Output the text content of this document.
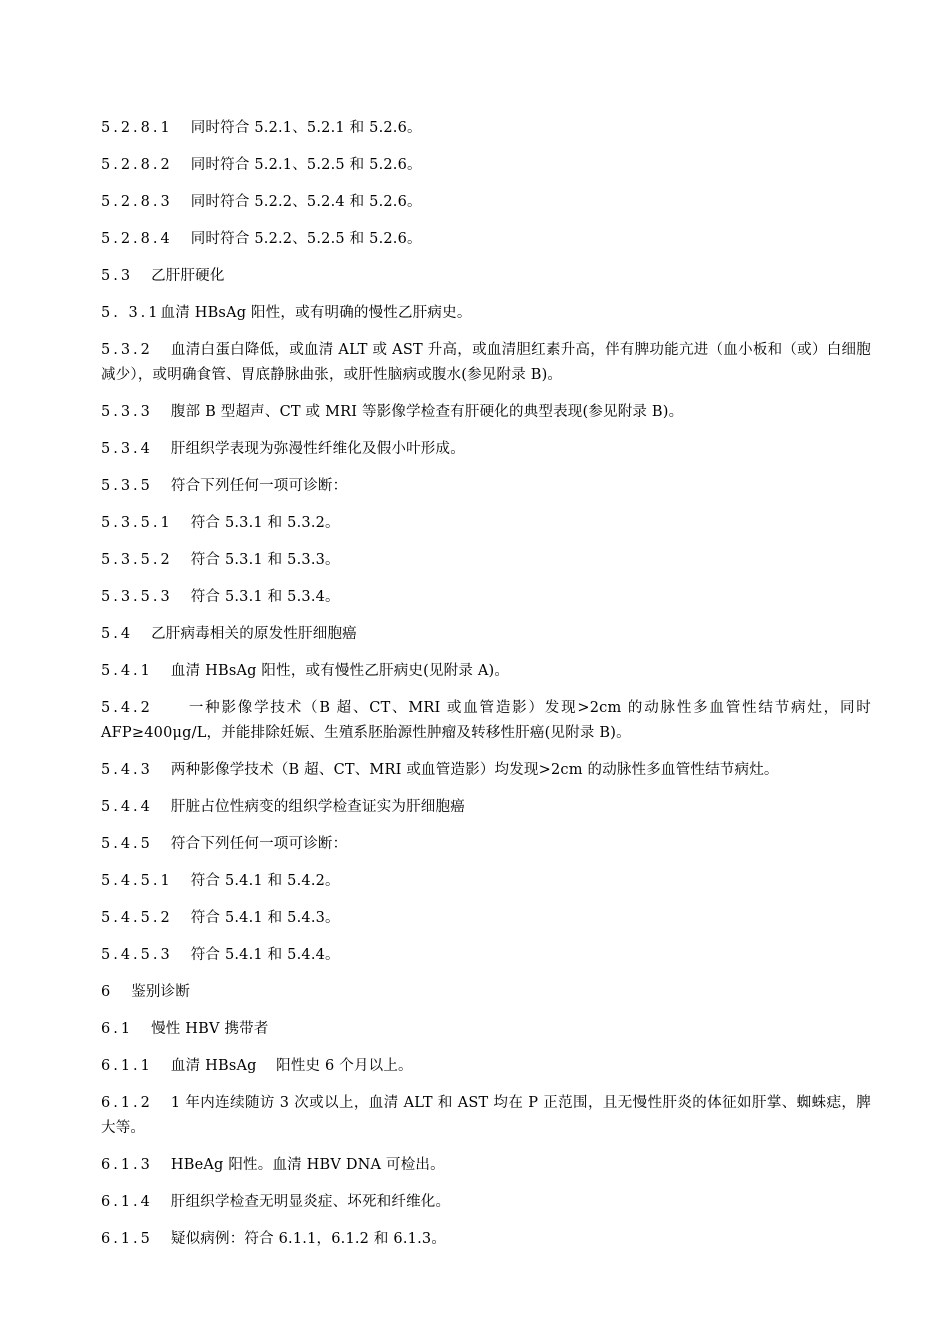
5.2.8.1 同时符合 5.2.1、5.2.1 和 5.2.6。
5.2.8.2 同时符合 5.2.1、5.2.5 和 5.2.6。
5.2.8.3 同时符合 5.2.2、5.2.4 和 5.2.6。
5.2.8.4 同时符合 5.2.2、5.2.5 和 5.2.6。
5.3 乙肝肝硬化
5. 3.1血清 HBsAg 阳性，或有明确的慢性乙肝病史。
5.3.2 血清白蛋白降低，或血清 ALT 或 AST 升高，或血清胆红素升高，伴有脾功能亢进（血小板和（或）白细胞减少），或明确食管、胃底静脉曲张，或肝性脑病或腹水(参见附录 B)。
5.3.3 腹部 B 型超声、CT 或 MRI 等影像学检查有肝硬化的典型表现(参见附录 B)。
5.3.4 肝组织学表现为弥漫性纤维化及假小叶形成。
5.3.5 符合下列任何一项可诊断：
5.3.5.1 符合 5.3.1 和 5.3.2。
5.3.5.2 符合 5.3.1 和 5.3.3。
5.3.5.3 符合 5.3.1 和 5.3.4。
5.4 乙肝病毒相关的原发性肝细胞癌
5.4.1 血清 HBsAg 阳性，或有慢性乙肝病史(见附录 A)。
5.4.2　一种影像学技术（B 超、CT、MRI 或血管造影）发现>2cm 的动脉性多血管性结节病灶，同时 AFP≥400μg/L，并能排除妊娠、生殖系胚胎源性肿瘤及转移性肝癌(见附录 B)。
5.4.3 两种影像学技术（B 超、CT、MRI 或血管造影）均发现>2cm 的动脉性多血管性结节病灶。
5.4.4 肝脏占位性病变的组织学检查证实为肝细胞癌
5.4.5 符合下列任何一项可诊断：
5.4.5.1 符合 5.4.1 和 5.4.2。
5.4.5.2 符合 5.4.1 和 5.4.3。
5.4.5.3 符合 5.4.1 和 5.4.4。
6 鉴别诊断
6.1 慢性 HBV 携带者
6.1.1 血清 HBsAg　 阳性史 6 个月以上。
6.1.2 1 年内连续随访 3 次或以上，血清 ALT 和 AST 均在 P 正范围，且无慢性肝炎的体征如肝掌、蜘蛛痣，脾大等。
6.1.3 HBeAg 阳性。血清 HBV DNA 可检出。
6.1.4 肝组织学检查无明显炎症、坏死和纤维化。
6.1.5 疑似病例：符合 6.1.1，6.1.2 和 6.1.3。
